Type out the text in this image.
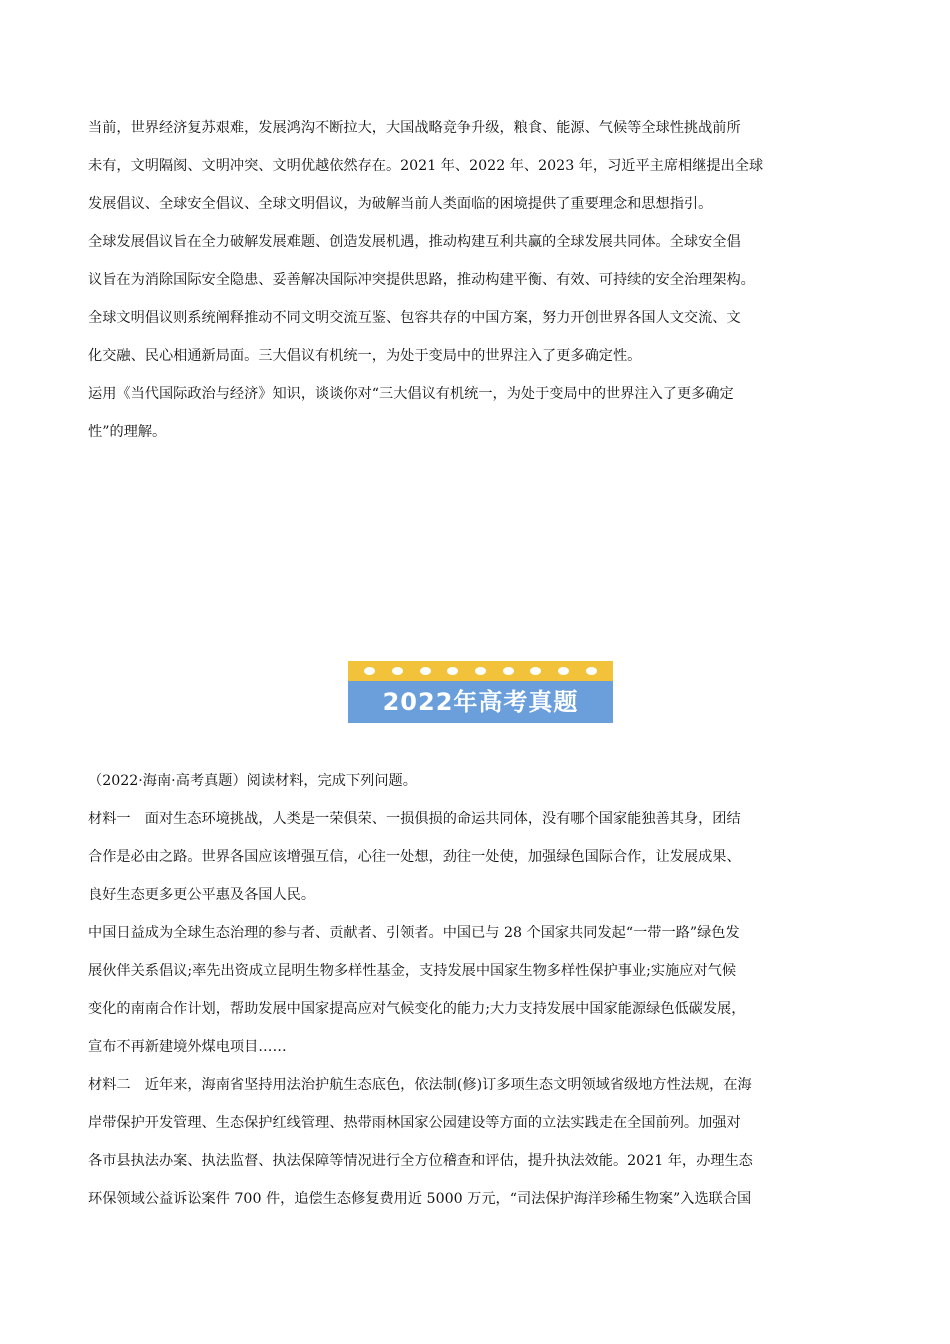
当前，世界经济复苏艰难，发展鸿沟不断拉大，大国战略竞争升级，粮食、能源、气候等全球性挑战前所
未有，文明隔阂、文明冲突、文明优越依然存在。2021 年、2022 年、2023 年，习近平主席相继提出全球
发展倡议、全球安全倡议、全球文明倡议，为破解当前人类面临的困境提供了重要理念和思想指引。
全球发展倡议旨在全力破解发展难题、创造发展机遇，推动构建互利共赢的全球发展共同体。全球安全倡
议旨在为消除国际安全隐患、妥善解决国际冲突提供思路，推动构建平衡、有效、可持续的安全治理架构。
全球文明倡议则系统阐释推动不同文明交流互鉴、包容共存的中国方案，努力开创世界各国人文交流、文
化交融、民心相通新局面。三大倡议有机统一，为处于变局中的世界注入了更多确定性。
运用《当代国际政治与经济》知识，谈谈你对“三大倡议有机统一，为处于变局中的世界注入了更多确定
性”的理解。
2022年高考真题
（2022·海南·高考真题）阅读材料，完成下列问题。
材料一　面对生态环境挑战，人类是一荣俱荣、一损俱损的命运共同体，没有哪个国家能独善其身，团结
合作是必由之路。世界各国应该增强互信，心往一处想，劲往一处使，加强绿色国际合作，让发展成果、
良好生态更多更公平惠及各国人民。
中国日益成为全球生态治理的参与者、贡献者、引领者。中国已与 28 个国家共同发起“一带一路”绿色发
展伙伴关系倡议;率先出资成立昆明生物多样性基金，支持发展中国家生物多样性保护事业;实施应对气候
变化的南南合作计划，帮助发展中国家提高应对气候变化的能力;大力支持发展中国家能源绿色低碳发展，
宣布不再新建境外煤电项目……
材料二　近年来，海南省坚持用法治护航生态底色，依法制(修)订多项生态文明领域省级地方性法规，在海
岸带保护开发管理、生态保护红线管理、热带雨林国家公园建设等方面的立法实践走在全国前列。加强对
各市县执法办案、执法监督、执法保障等情况进行全方位稽查和评估，提升执法效能。2021 年，办理生态
环保领域公益诉讼案件 700 件，追偿生态修复费用近 5000 万元，“司法保护海洋珍稀生物案”入选联合国
